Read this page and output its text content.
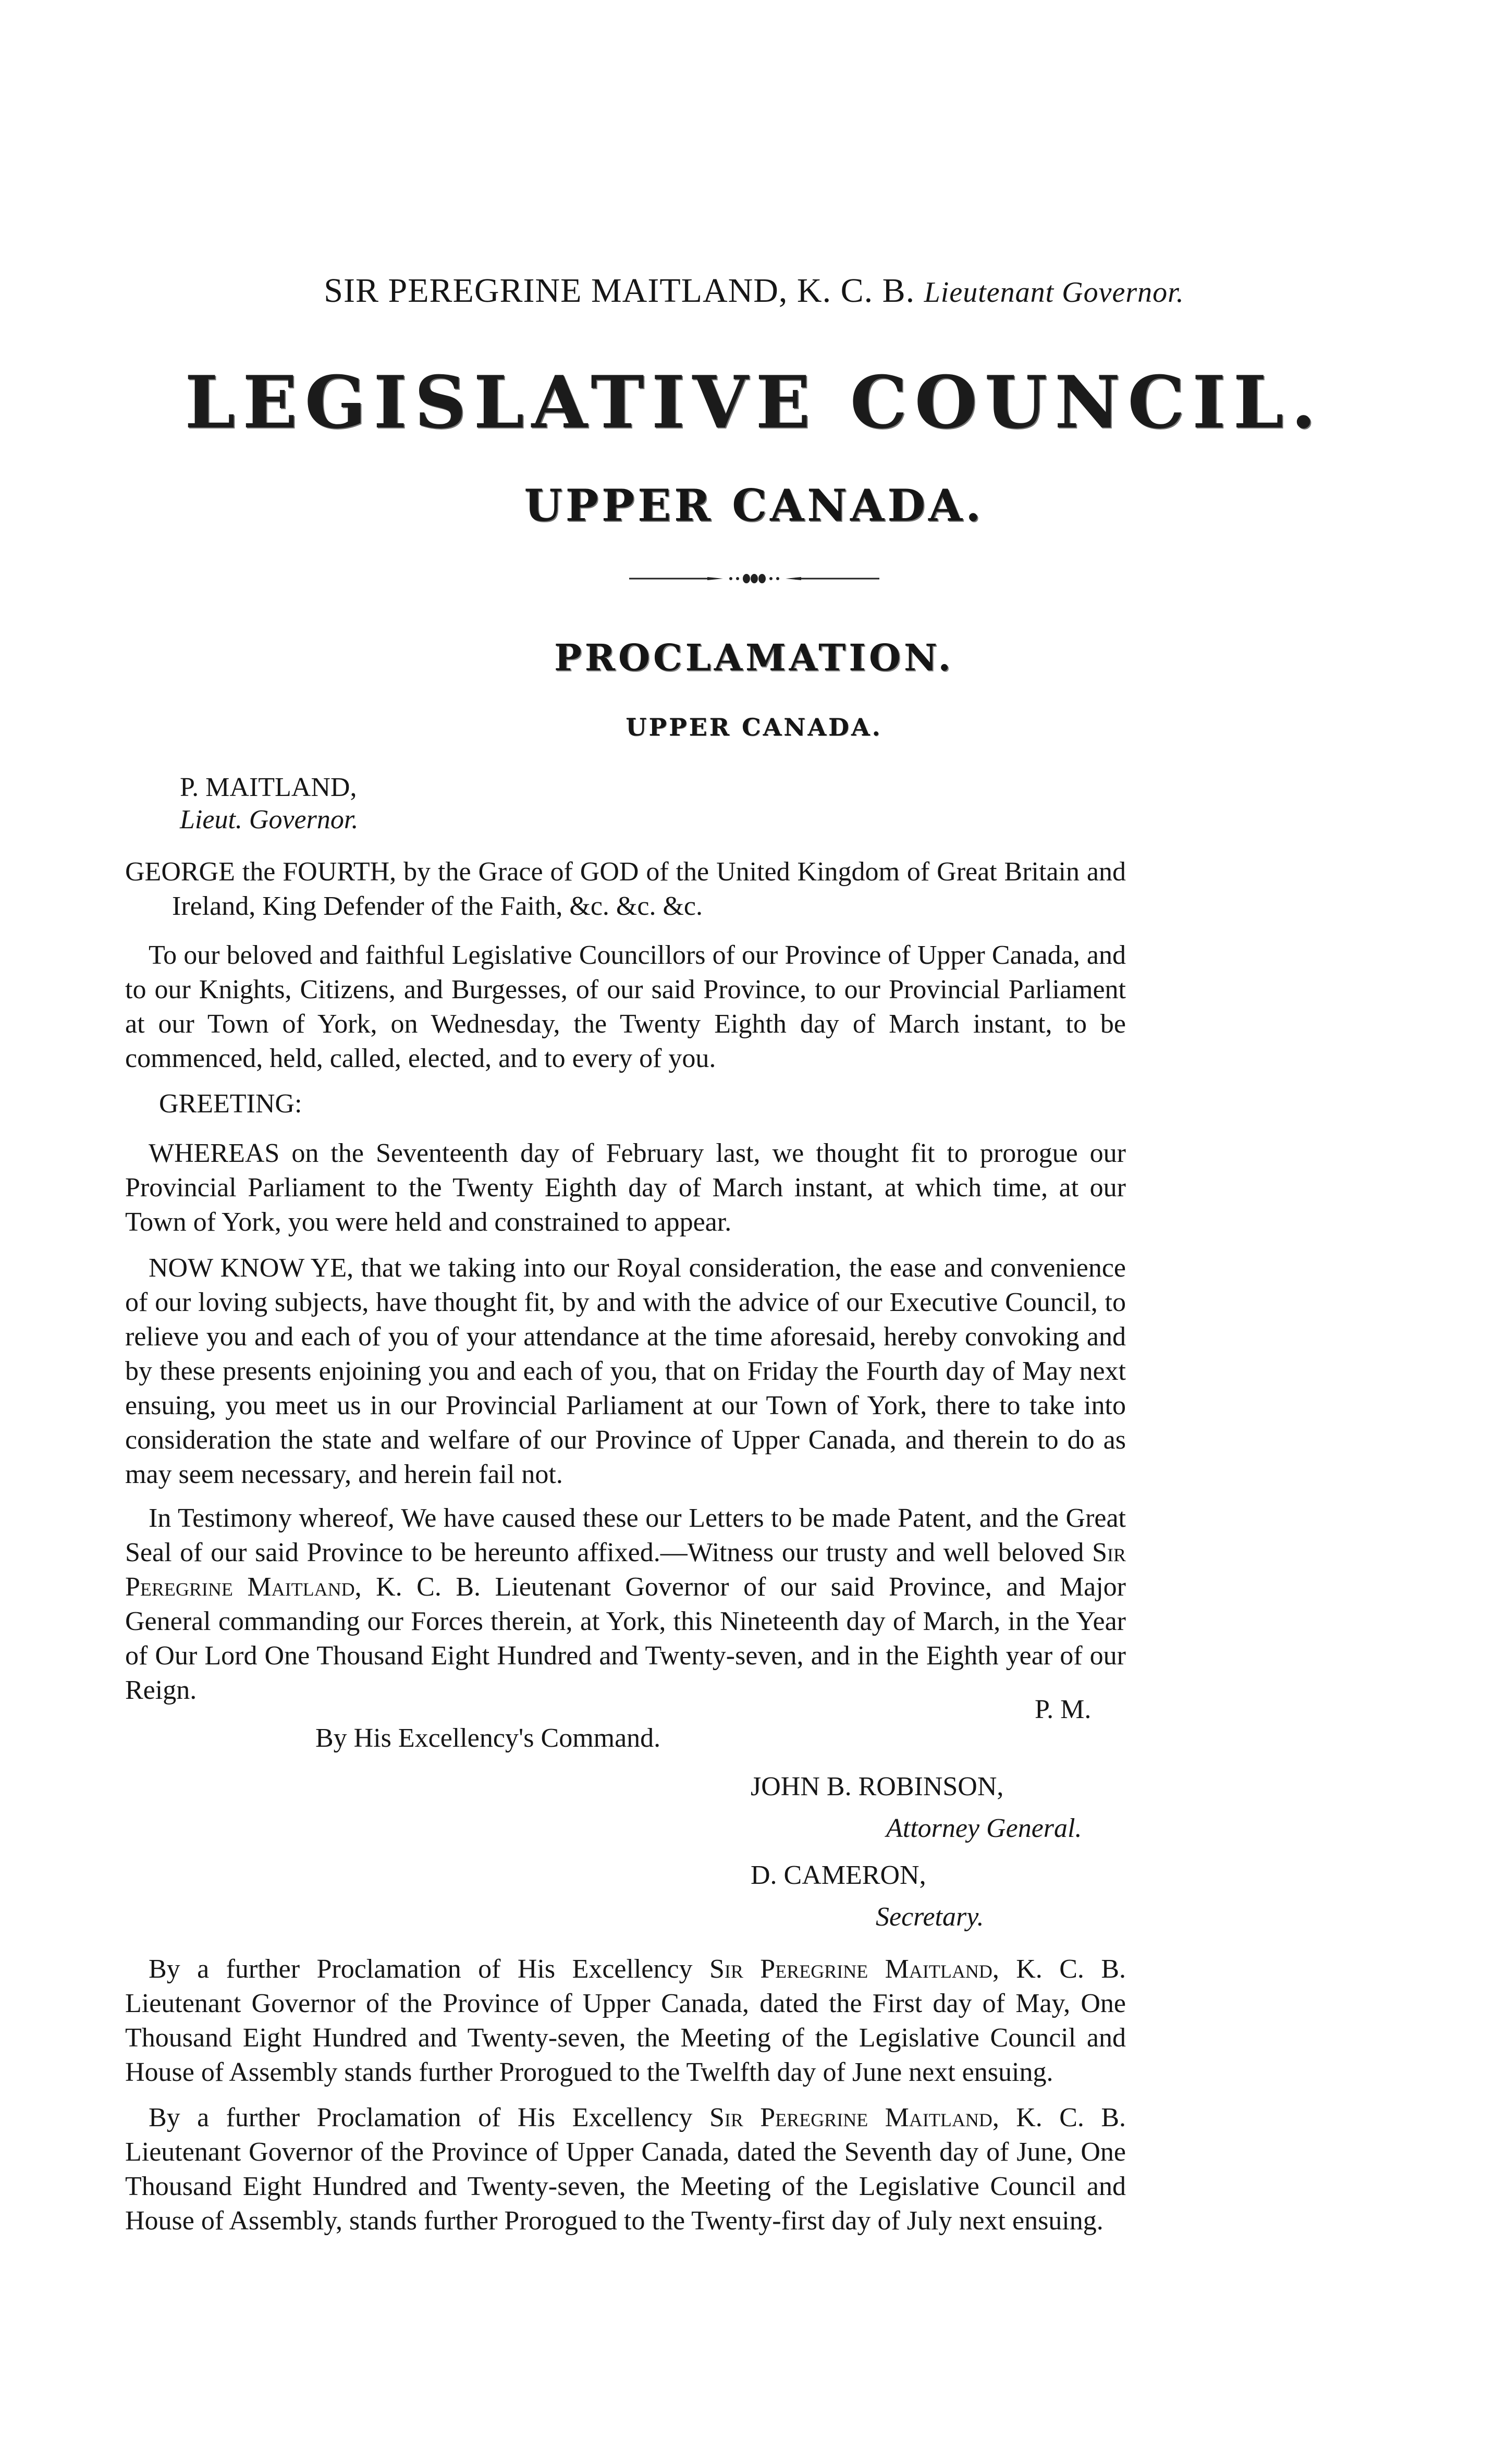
SIR PEREGRINE MAITLAND, K. C. B. Lieutenant Governor.
LEGISLATIVE COUNCIL.
UPPER CANADA.
PROCLAMATION.
UPPER CANADA.
P. MAITLAND,
Lieut. Governor.

GEORGE the FOURTH, by the Grace of GOD of the United Kingdom of Great Britain and Ireland, King Defender of the Faith, &c. &c. &c.

To our beloved and faithful Legislative Councillors of our Province of Upper Canada, and to our Knights, Citizens, and Burgesses, of our said Province, to our Provincial Parliament at our Town of York, on Wednesday, the Twenty Eighth day of March instant, to be commenced, held, called, elected, and to every of you.

GREETING:

WHEREAS on the Seventeenth day of February last, we thought fit to prorogue our Provincial Parliament to the Twenty Eighth day of March instant, at which time, at our Town of York, you were held and constrained to appear.

NOW KNOW YE, that we taking into our Royal consideration, the ease and convenience of our loving subjects, have thought fit, by and with the advice of our Executive Council, to relieve you and each of you of your attendance at the time aforesaid, hereby convoking and by these presents enjoining you and each of you, that on Friday the Fourth day of May next ensuing, you meet us in our Provincial Parliament at our Town of York, there to take into consideration the state and welfare of our Province of Upper Canada, and therein to do as may seem necessary, and herein fail not.

In Testimony whereof, We have caused these our Letters to be made Patent, and the Great Seal of our said Province to be hereunto affixed.—Witness our trusty and well beloved Sir Peregrine Maitland, K. C. B. Lieutenant Governor of our said Province, and Major General commanding our Forces therein, at York, this Nineteenth day of March, in the Year of Our Lord One Thousand Eight Hundred and Twenty-seven, and in the Eighth year of our Reign.

P. M.
By His Excellency's Command.
JOHN B. ROBINSON,
Attorney General.
D. CAMERON,
Secretary.

By a further Proclamation of His Excellency Sir Peregrine Maitland, K. C. B. Lieutenant Governor of the Province of Upper Canada, dated the First day of May, One Thousand Eight Hundred and Twenty-seven, the Meeting of the Legislative Council and House of Assembly stands further Prorogued to the Twelfth day of June next ensuing.

By a further Proclamation of His Excellency Sir Peregrine Maitland, K. C. B. Lieutenant Governor of the Province of Upper Canada, dated the Seventh day of June, One Thousand Eight Hundred and Twenty-seven, the Meeting of the Legislative Council and House of Assembly, stands further Prorogued to the Twenty-first day of July next ensuing.
